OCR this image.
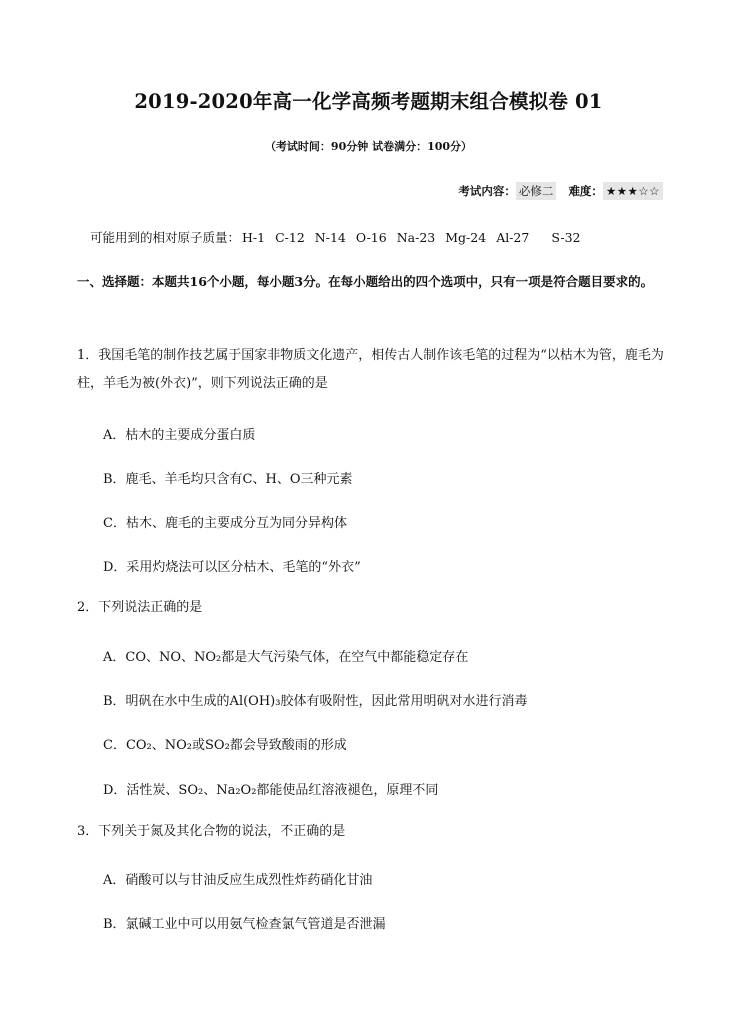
2019-2020年高一化学高频考题期末组合模拟卷 01
（考试时间：90分钟 试卷满分：100分）
考试内容： 必修二 难度： ★★★☆☆
可能用到的相对原子质量： H-1 C-12 N-14 O-16 Na-23 Mg-24 Al-27 S-32
一、选择题：本题共16个小题，每小题3分。在每小题给出的四个选项中，只有一项是符合题目要求的。
1．我国毛笔的制作技艺属于国家非物质文化遗产，相传古人制作该毛笔的过程为“以枯木为管，鹿毛为柱，羊毛为被(外衣)”，则下列说法正确的是
A．枯木的主要成分蛋白质
B．鹿毛、羊毛均只含有C、H、O三种元素
C．枯木、鹿毛的主要成分互为同分异构体
D．采用灼烧法可以区分枯木、毛笔的“外衣”
2．下列说法正确的是
A．CO、NO、NO₂都是大气污染气体，在空气中都能稳定存在
B．明矾在水中生成的Al(OH)₃胶体有吸附性，因此常用明矾对水进行消毒
C．CO₂、NO₂或SO₂都会导致酸雨的形成
D．活性炭、SO₂、Na₂O₂都能使品红溶液褪色，原理不同
3．下列关于氮及其化合物的说法，不正确的是
A．硝酸可以与甘油反应生成烈性炸药硝化甘油
B．氯碱工业中可以用氨气检查氯气管道是否泄漏
